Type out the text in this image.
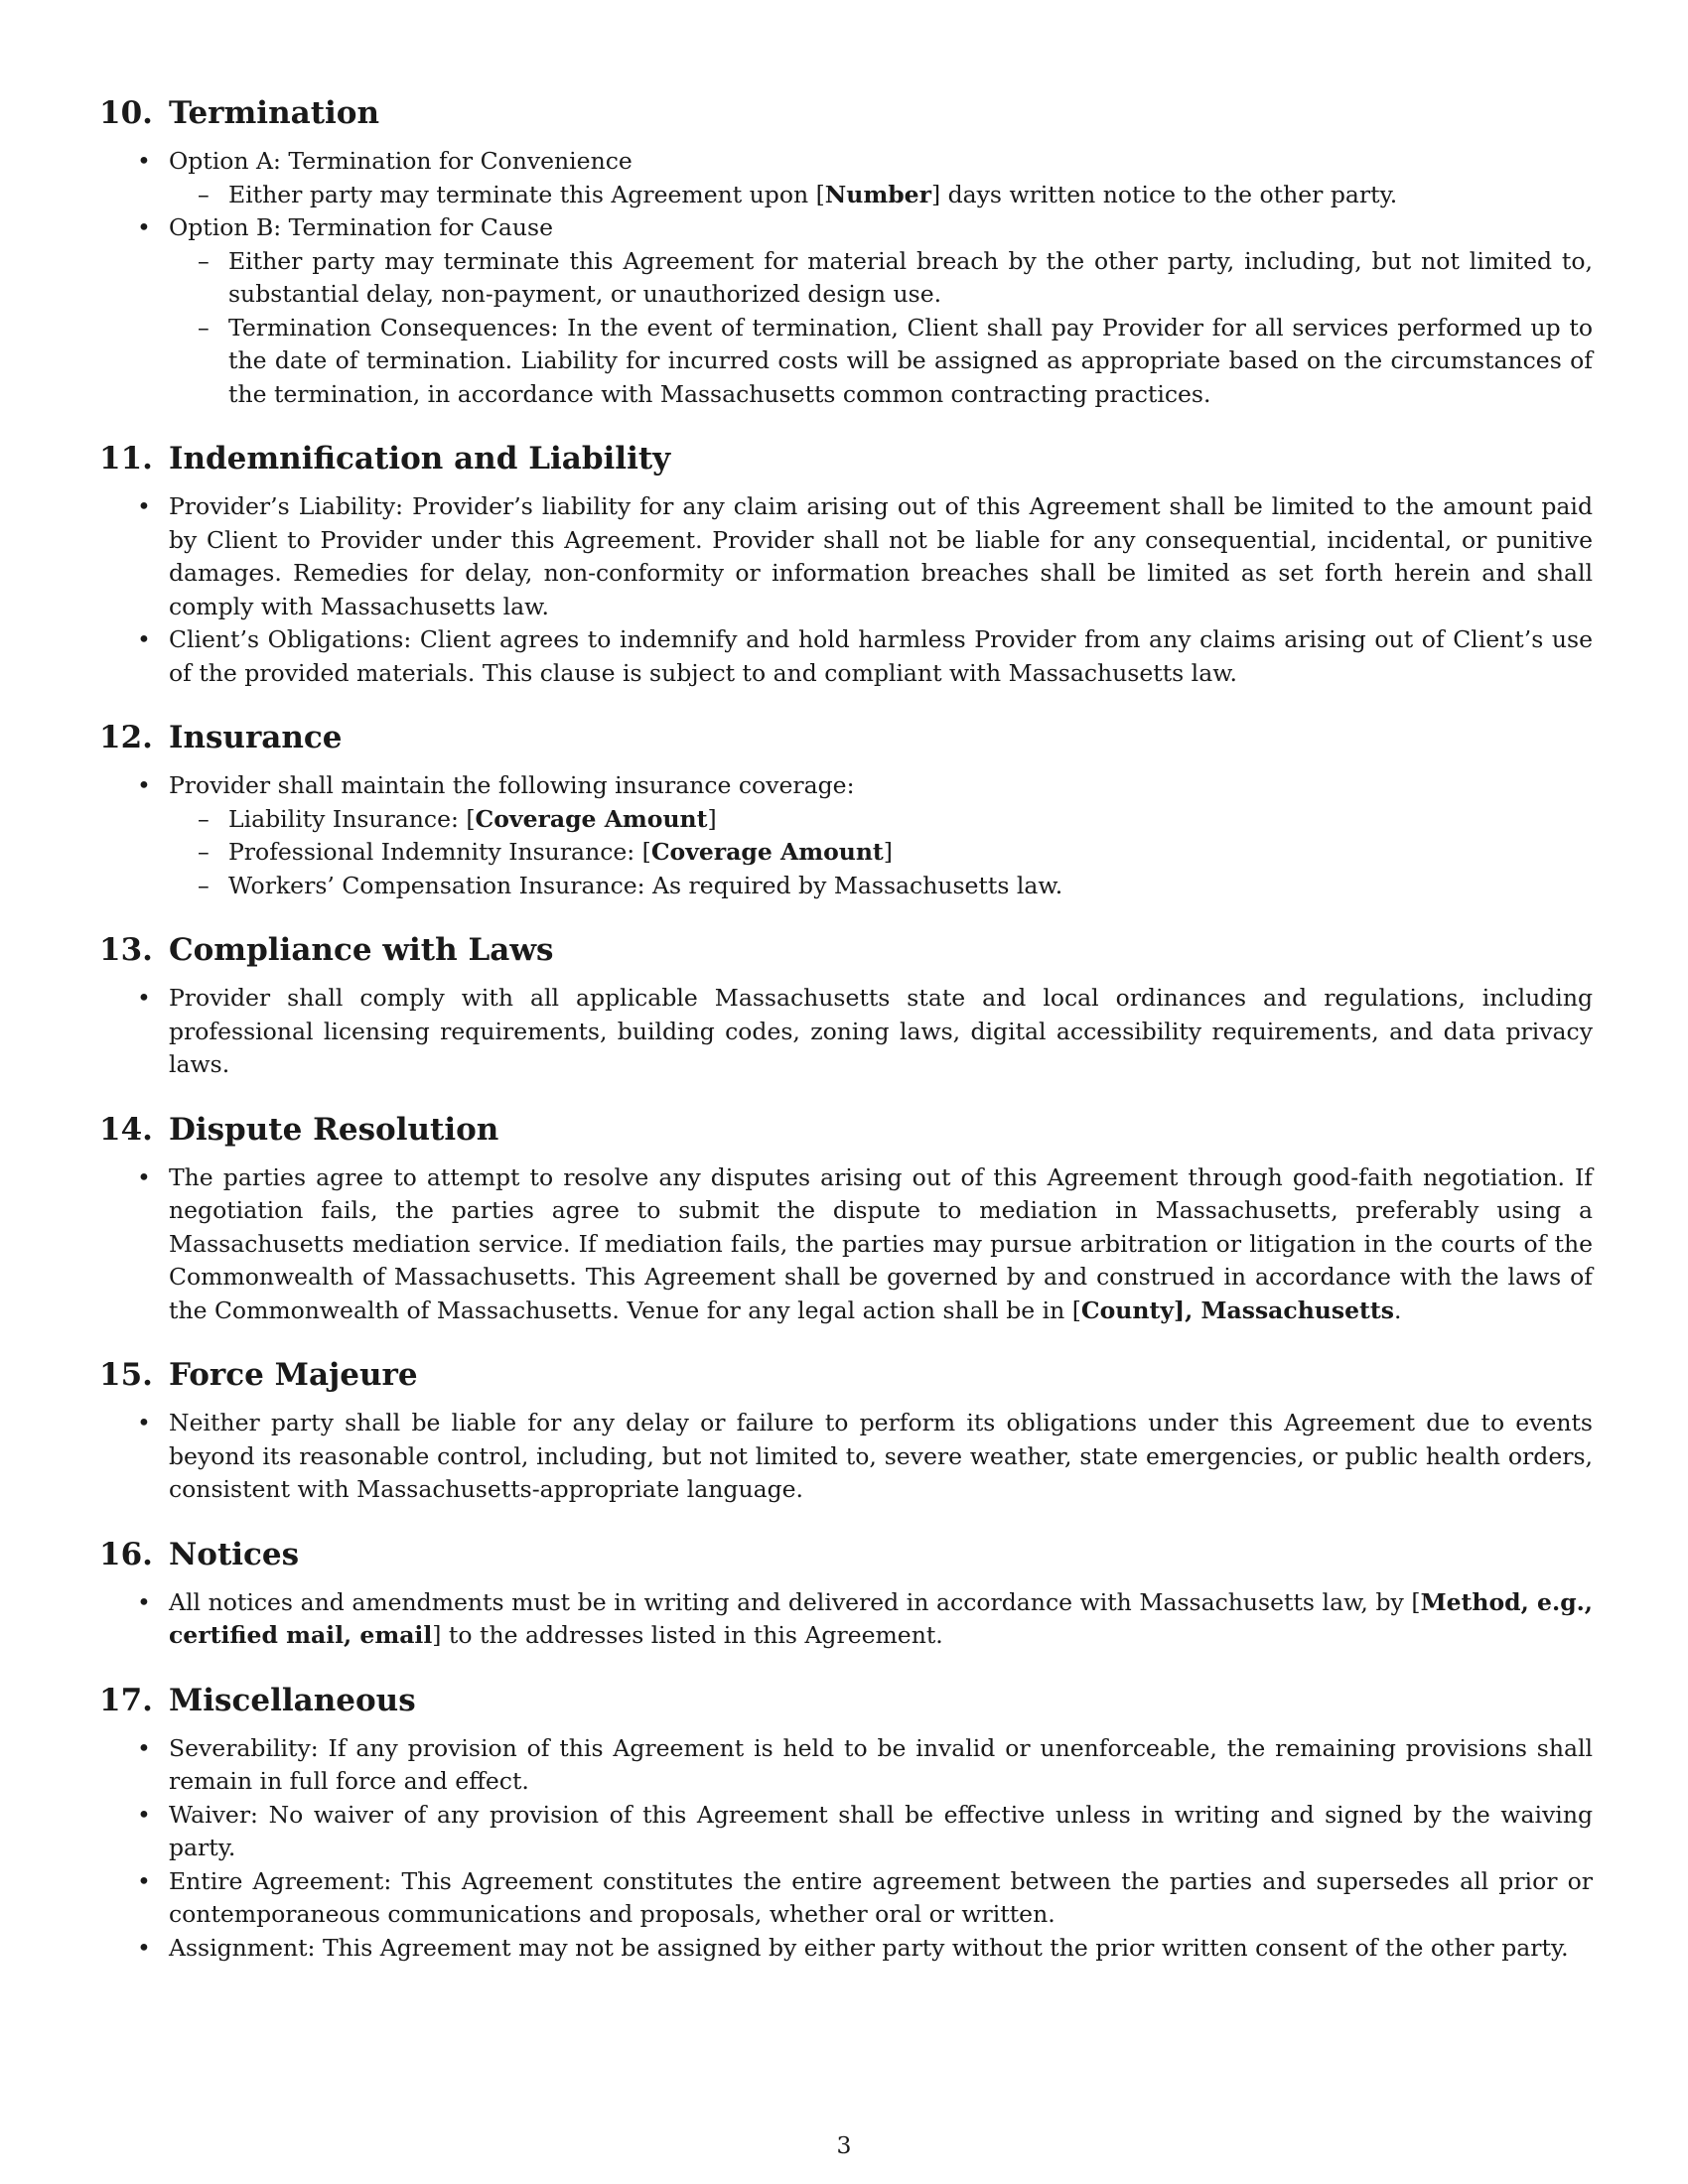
10. Termination
• Option A: Termination for Convenience
– Either party may terminate this Agreement upon [Number] days written notice to the other party.
• Option B: Termination for Cause
– Either party may terminate this Agreement for material breach by the other party, including, but not limited to, substantial delay, non-payment, or unauthorized design use.
– Termination Consequences: In the event of termination, Client shall pay Provider for all services performed up to the date of termination. Liability for incurred costs will be assigned as appropriate based on the circumstances of the termination, in accordance with Massachusetts common contracting practices.
11. Indemnification and Liability
• Provider’s Liability: Provider’s liability for any claim arising out of this Agreement shall be limited to the amount paid by Client to Provider under this Agreement. Provider shall not be liable for any consequential, incidental, or punitive damages. Remedies for delay, non-conformity or information breaches shall be limited as set forth herein and shall comply with Massachusetts law.
• Client’s Obligations: Client agrees to indemnify and hold harmless Provider from any claims arising out of Client’s use of the provided materials. This clause is subject to and compliant with Massachusetts law.
12. Insurance
• Provider shall maintain the following insurance coverage:
– Liability Insurance: [Coverage Amount]
– Professional Indemnity Insurance: [Coverage Amount]
– Workers’ Compensation Insurance: As required by Massachusetts law.
13. Compliance with Laws
• Provider shall comply with all applicable Massachusetts state and local ordinances and regulations, including professional licensing requirements, building codes, zoning laws, digital accessibility requirements, and data privacy laws.
14. Dispute Resolution
• The parties agree to attempt to resolve any disputes arising out of this Agreement through good-faith negotiation. If negotiation fails, the parties agree to submit the dispute to mediation in Massachusetts, preferably using a Massachusetts mediation service. If mediation fails, the parties may pursue arbitration or litigation in the courts of the Commonwealth of Massachusetts. This Agreement shall be governed by and construed in accordance with the laws of the Commonwealth of Massachusetts. Venue for any legal action shall be in [County], Massachusetts.
15. Force Majeure
• Neither party shall be liable for any delay or failure to perform its obligations under this Agreement due to events beyond its reasonable control, including, but not limited to, severe weather, state emergencies, or public health orders, consistent with Massachusetts-appropriate language.
16. Notices
• All notices and amendments must be in writing and delivered in accordance with Massachusetts law, by [Method, e.g., certified mail, email] to the addresses listed in this Agreement.
17. Miscellaneous
• Severability: If any provision of this Agreement is held to be invalid or unenforceable, the remaining provisions shall remain in full force and effect.
• Waiver: No waiver of any provision of this Agreement shall be effective unless in writing and signed by the waiving party.
• Entire Agreement: This Agreement constitutes the entire agreement between the parties and supersedes all prior or contemporaneous communications and proposals, whether oral or written.
• Assignment: This Agreement may not be assigned by either party without the prior written consent of the other party.
3
